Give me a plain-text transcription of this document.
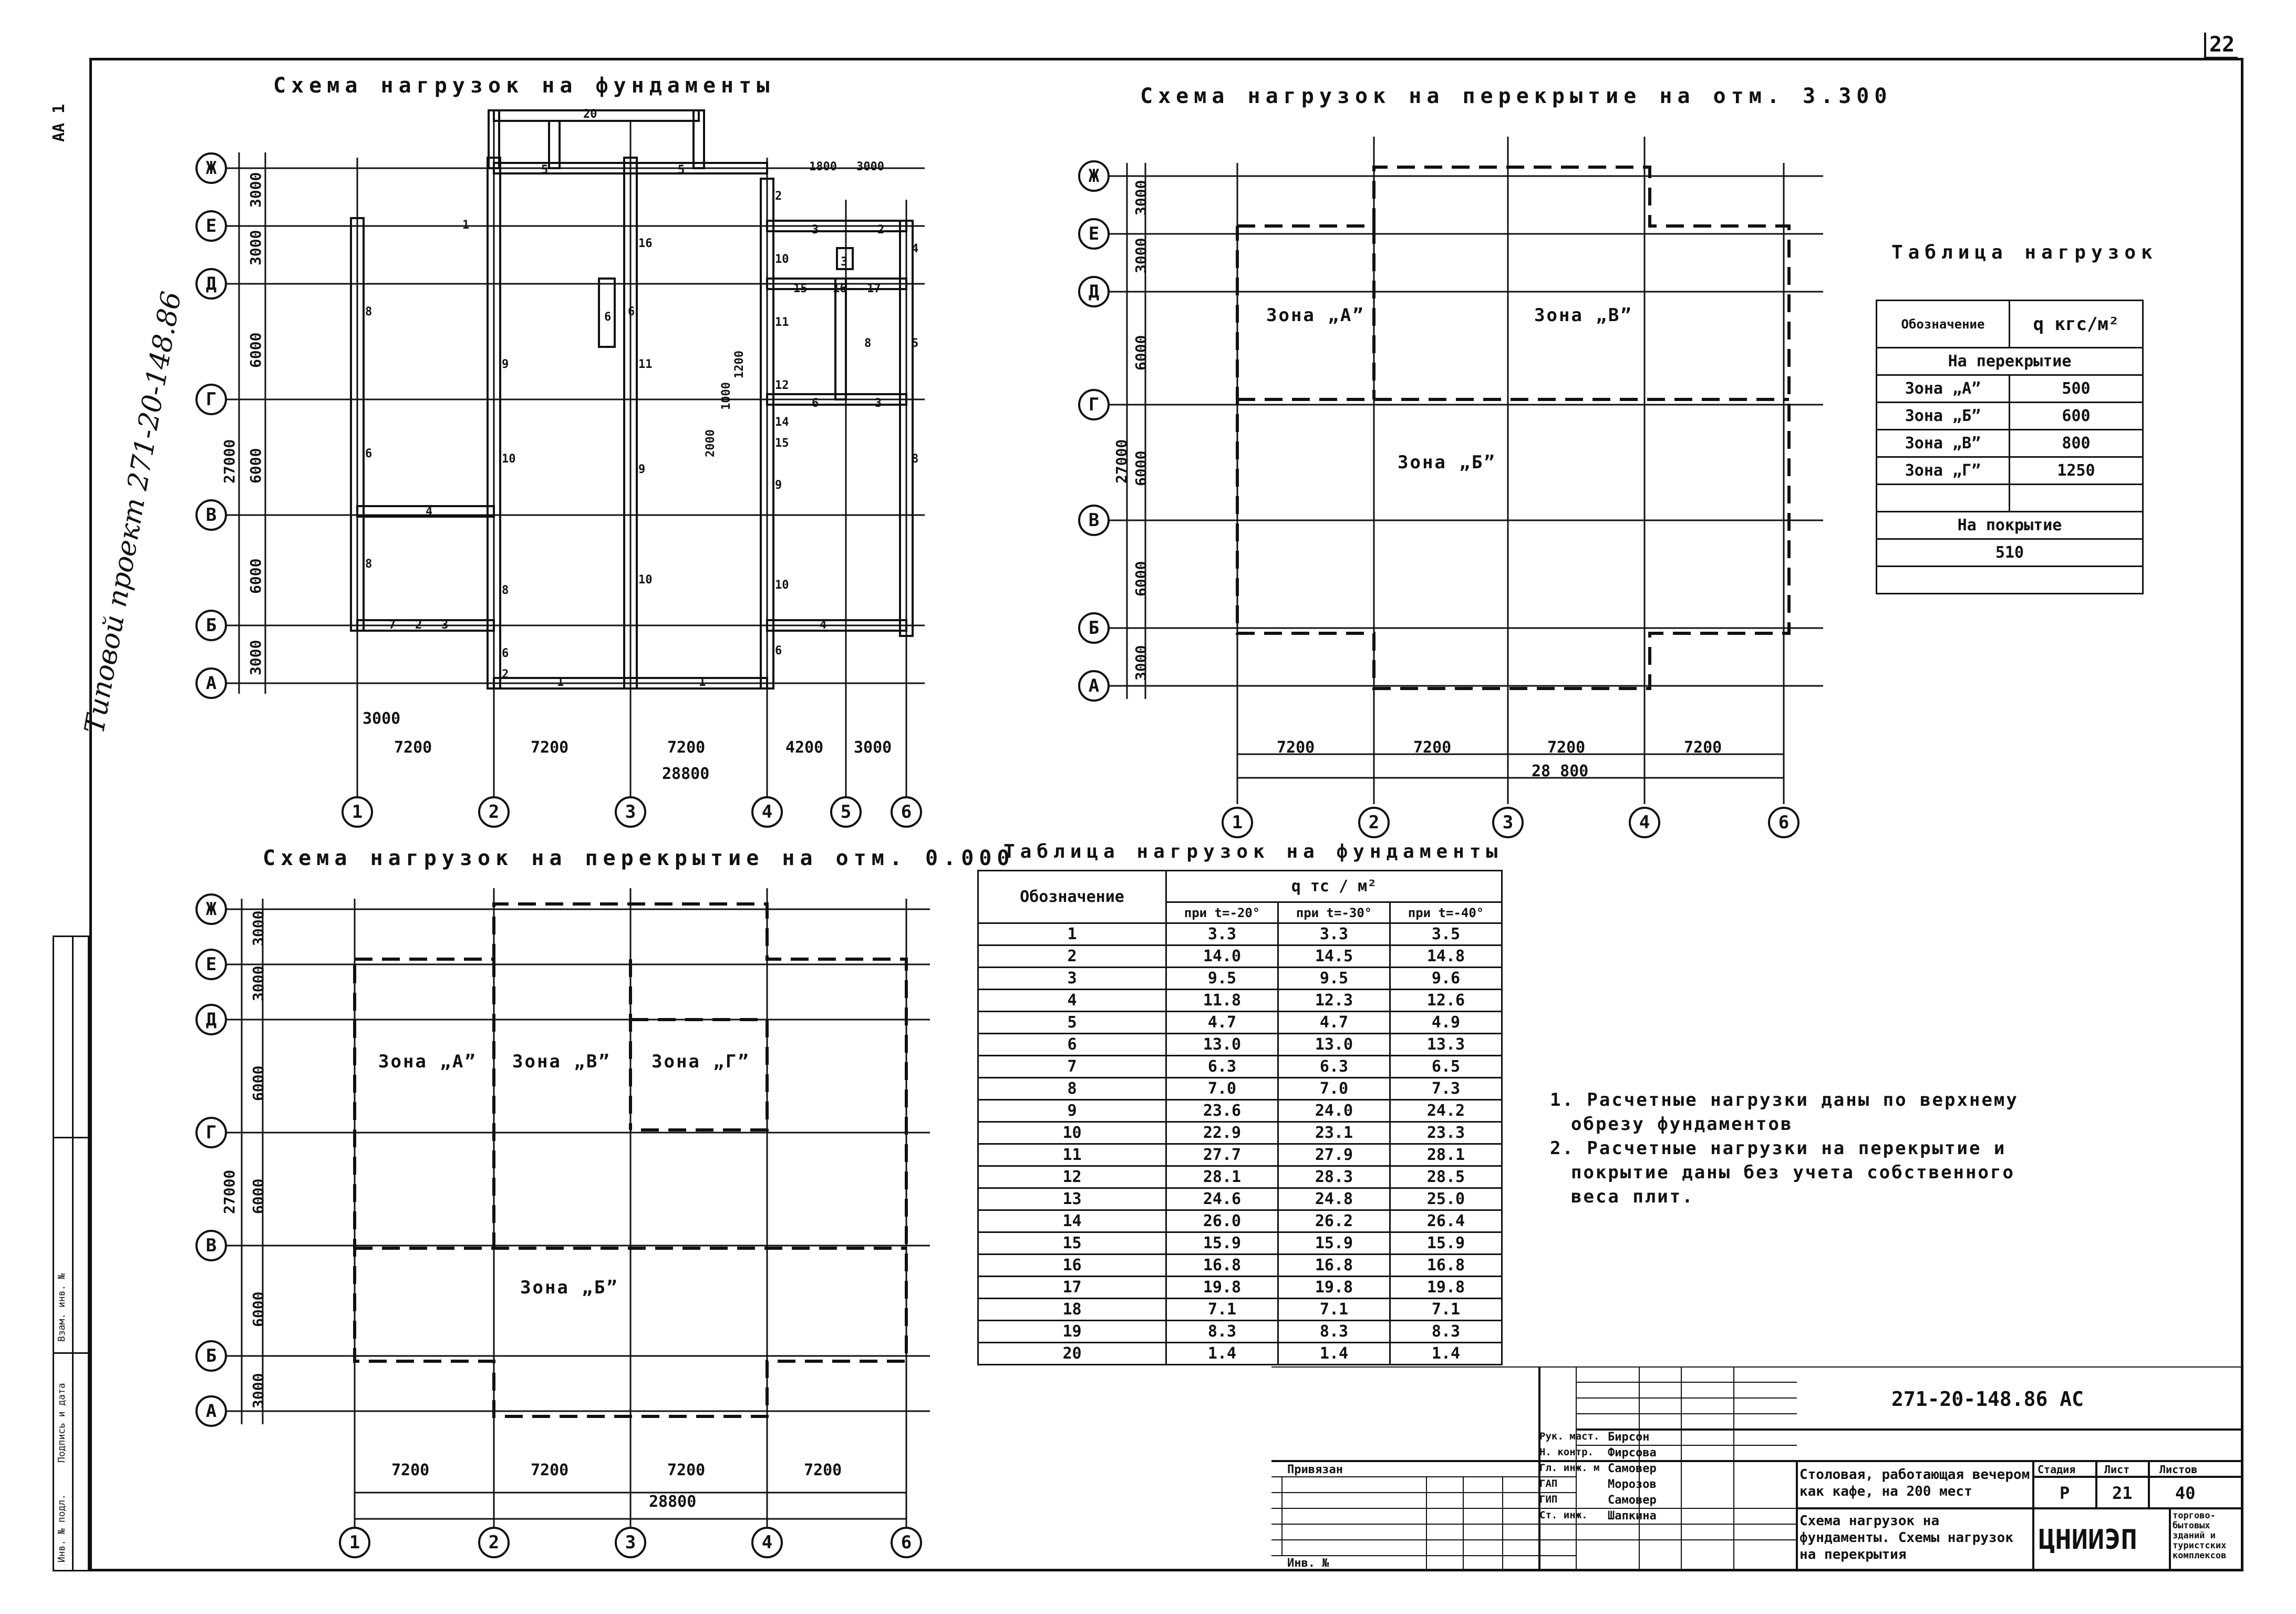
22
АА 1
Типовой проект 271-20-148.86
Инв. № подл.
Подпись и дата
Взам. инв. №
Схема нагрузок на фундаменты
20
5	5
1
2
3	2
3
15 16 17
8
6	3
6
6
16
11
9
10
9
10
8
8
6
8
10
11
12
14
15
9
10
6
4
5
8
4
4
7 2 3
1	1
6
2
Ж
Е
Д
Г
В
Б
А
1	2	3	4	5	6
3000
3000
6000
6000
6000
3000
27000
3000
7200	7200	7200	4200 3000
28800
1800 3000
2000
1000
1200
Схема нагрузок на перекрытие на отм. 3.300
Ж
Е
Д
Г
В
Б
А
1	2	3	4	6
3000
3000
6000
6000
6000
3000
27000
7200	7200	7200	7200
28 800
Зона „А”	Зона „В”
Зона „Б”
Таблица нагрузок
Обозначение	q кгс/м²
На перекрытие	
Зона „А”	500
Зона „Б”	600
Зона „В”	800
Зона „Г”	1250

На покрытие	
510	

Схема нагрузок на перекрытие на отм. 0.000
Ж
Е
Д
Г
В
Б
А
1	2	3	4	6
3000
3000
6000
6000
6000
3000
27000
7200	7200	7200	7200
28800
Зона „А” Зона „В” Зона „Г”
Зона „Б”
Таблица нагрузок на фундаменты
Обозначение	q тс / м²		
	при t=-20°	при t=-30°	при t=-40°
1	3.3	3.3	3.5
2	14.0	14.5	14.8
3	9.5	9.5	9.6
4	11.8	12.3	12.6
5	4.7	4.7	4.9
6	13.0	13.0	13.3
7	6.3	6.3	6.5
8	7.0	7.0	7.3
9	23.6	24.0	24.2
10	22.9	23.1	23.3
11	27.7	27.9	28.1
12	28.1	28.3	28.5
13	24.6	24.8	25.0
14	26.0	26.2	26.4
15	15.9	15.9	15.9
16	16.8	16.8	16.8
17	19.8	19.8	19.8
18	7.1	7.1	7.1
19	8.3	8.3	8.3
20	1.4	1.4	1.4
1. Расчетные нагрузки даны по верхнему
обрезу фундаментов
2. Расчетные нагрузки на перекрытие и
покрытие даны без учета собственного
веса плит.
271-20-148.86 АС
Привязан
Инв. №
Рук. маст. Бирсон
Н. контр. Фирсова
Гл. инж. м Самовер
ГАП	Морозов
ГИП	Самовер
Ст. инж. Шапкина
Столовая, работающая вечером как кафе, на 200 мест
Схема нагрузок на фундаменты. Схемы нагрузок на перекрытия
Стадия	Лист	Листов
Р	21	40
ЦНИИЭП
торгово-бытовых зданий и туристских комплексов
